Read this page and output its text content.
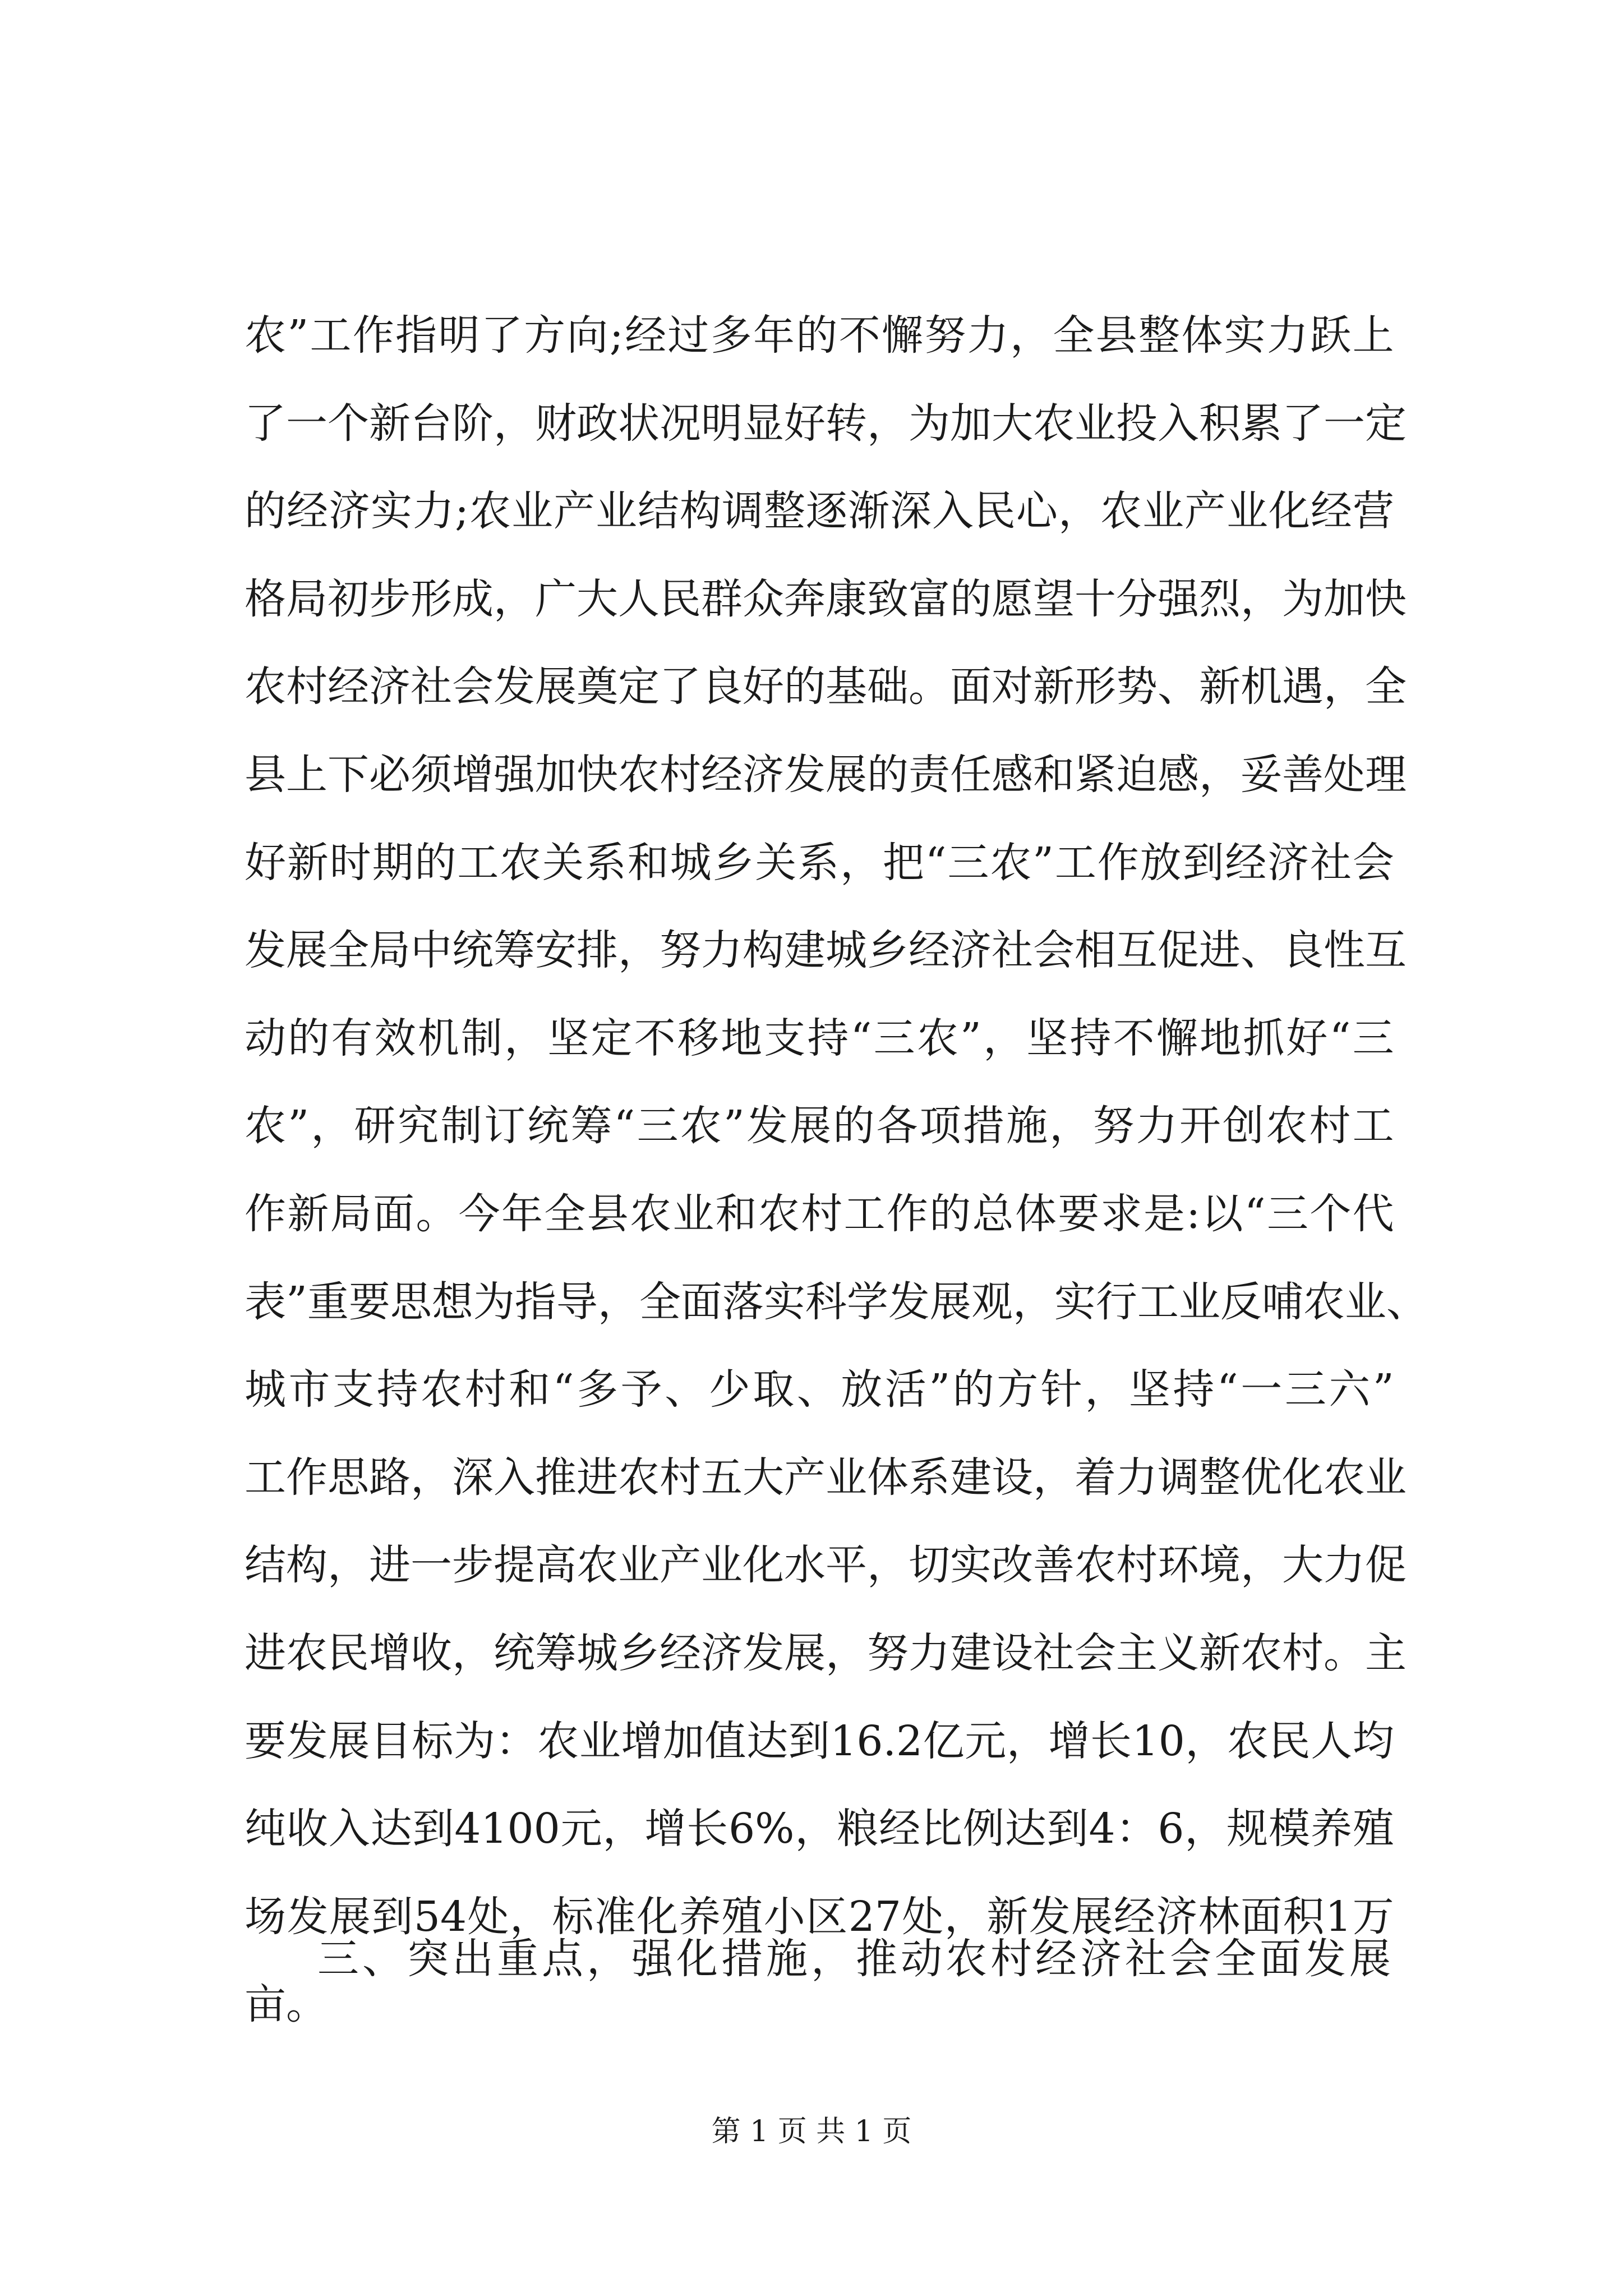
农 ” 工 作 指 明 了 方 向 ; 经 过 多 年 的 不 懈 努 力 ， 全 县 整 体 实 力 跃 上
了 一 个 新 台 阶 ， 财 政 状 况 明 显 好 转 ， 为 加 大 农 业 投 入 积 累 了 一 定
的 经 济 实 力 ; 农 业 产 业 结 构 调 整 逐 渐 深 入 民 心 ， 农 业 产 业 化 经 营
格 局 初 步 形 成 ， 广 大 人 民 群 众 奔 康 致 富 的 愿 望 十 分 强 烈 ， 为 加 快
农 村 经 济 社 会 发 展 奠 定 了 良 好 的 基 础 。 面 对 新 形 势 、 新 机 遇 ， 全
县 上 下 必 须 增 强 加 快 农 村 经 济 发 展 的 责 任 感 和 紧 迫 感 ， 妥 善 处 理
好 新 时 期 的 工 农 关 系 和 城 乡 关 系 ， 把 “ 三 农 ” 工 作 放 到 经 济 社 会
发 展 全 局 中 统 筹 安 排 ， 努 力 构 建 城 乡 经 济 社 会 相 互 促 进 、 良 性 互
动 的 有 效 机 制 ， 坚 定 不 移 地 支 持 “ 三 农 ” ， 坚 持 不 懈 地 抓 好 “ 三
农 ” ， 研 究 制 订 统 筹 “ 三 农 ” 发 展 的 各 项 措 施 ， 努 力 开 创 农 村 工
作 新 局 面 。 今 年 全 县 农 业 和 农 村 工 作 的 总 体 要 求 是 : 以 “ 三 个 代
表 ” 重 要 思 想 为 指 导 ， 全 面 落 实 科 学 发 展 观 ， 实 行 工 业 反 哺 农 业 、
城 市 支 持 农 村 和 “ 多 予 、 少 取 、 放 活 ” 的 方 针 ， 坚 持 “ 一 三 六 ”
工 作 思 路 ， 深 入 推 进 农 村 五 大 产 业 体 系 建 设 ， 着 力 调 整 优 化 农 业
结 构 ， 进 一 步 提 高 农 业 产 业 化 水 平 ， 切 实 改 善 农 村 环 境 ， 大 力 促
进 农 民 增 收 ， 统 筹 城 乡 经 济 发 展 ， 努 力 建 设 社 会 主 义 新 农 村 。 主
要 发 展 目 标 为 ： 农 业 增 加 值 达 到 16.2 亿 元 ， 增 长 10 ， 农 民 人 均
纯 收 入 达 到 4100 元 ， 增 长 6% ， 粮 经 比 例 达 到 4 ： 6 ， 规 模 养 殖
场 发 展 到 54 处 ， 标 准 化 养 殖 小 区 27 处 ， 新 发 展 经 济 林 面 积 1 万
亩 。
三、突出重点，强化措施，推动农村经济社会全面发展
第 1 页 共 1 页
